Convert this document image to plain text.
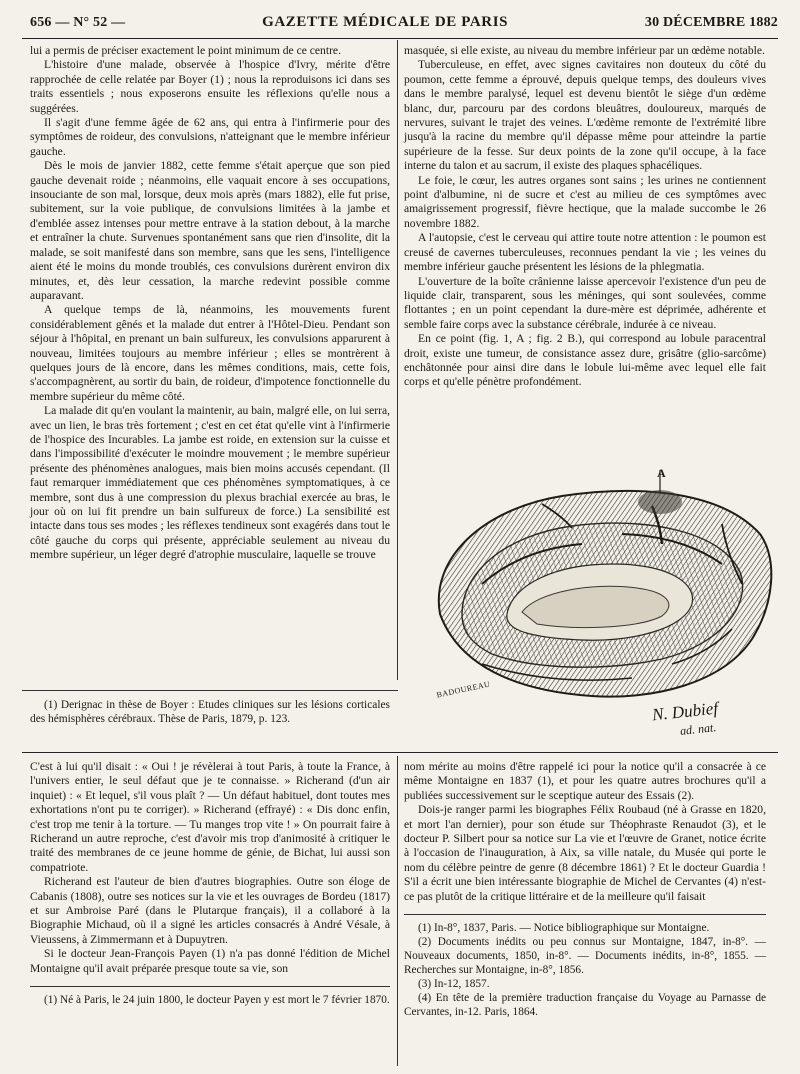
656 — N° 52 —	GAZETTE MÉDICALE DE PARIS	30 DÉCEMBRE 1882

lui a permis de préciser exactement le point minimum de ce centre.

L'histoire d'une malade, observée à l'hospice d'Ivry, mérite d'être rapprochée de celle relatée par Boyer (1) ; nous la reproduisons ici dans ses traits essentiels ; nous exposerons ensuite les réflexions qu'elle nous a suggérées.

Il s'agit d'une femme âgée de 62 ans, qui entra à l'infirmerie pour des symptômes de roideur, des convulsions, n'atteignant que le membre inférieur gauche.

Dès le mois de janvier 1882, cette femme s'était aperçue que son pied gauche devenait roide ; néanmoins, elle vaquait encore à ses occupations, insouciante de son mal, lorsque, deux mois après (mars 1882), elle fut prise, subitement, sur la voie publique, de convulsions limitées à la jambe et d'emblée assez intenses pour mettre entrave à la station debout, à la marche et entraîner la chute. Survenues spontanément sans que rien d'insolite, dit la malade, se soit manifesté dans son membre, sans que les sens, l'intelligence aient été le moins du monde troublés, ces convulsions durèrent environ dix minutes, et, dès leur cessation, la marche redevint possible comme auparavant.

A quelque temps de là, néanmoins, les mouvements furent considérablement gênés et la malade dut entrer à l'Hôtel-Dieu. Pendant son séjour à l'hôpital, en prenant un bain sulfureux, les convulsions apparurent à nouveau, limitées toujours au membre inférieur ; elles se montrèrent à quelques jours de là encore, dans les mêmes conditions, mais, cette fois, s'accompagnèrent, au sortir du bain, de roideur, d'impotence fonctionnelle du membre supérieur du même côté.

La malade dit qu'en voulant la maintenir, au bain, malgré elle, on lui serra, avec un lien, le bras très fortement ; c'est en cet état qu'elle vint à l'infirmerie de l'hospice des Incurables. La jambe est roide, en extension sur la cuisse et dans l'impossibilité d'exécuter le moindre mouvement ; le membre supérieur présente des phénomènes analogues, mais bien moins accusés cependant. (Il faut remarquer immédiatement que ces phénomènes symptomatiques, à ce membre, sont dus à une compression du plexus brachial exercée au bras, le jour où on lui fit prendre un bain sulfureux de force.) La sensibilité est intacte dans tous ses modes ; les réflexes tendineux sont exagérés dans tout le côté gauche du corps qui présente, appréciable seulement au niveau du membre supérieur, un léger degré d'atrophie musculaire, laquelle se trouve

(1) Derignac in thèse de Boyer : Etudes cliniques sur les lésions corticales des hémisphères cérébraux. Thèse de Paris, 1879, p. 123.

masquée, si elle existe, au niveau du membre inférieur par un œdème notable.

Tuberculeuse, en effet, avec signes cavitaires non douteux du côté du poumon, cette femme a éprouvé, depuis quelque temps, des douleurs vives dans le membre paralysé, lequel est devenu bientôt le siège d'un œdème blanc, dur, parcouru par des cordons bleuâtres, douloureux, marqués de nervures, suivant le trajet des veines. L'œdème remonte de l'extrémité libre jusqu'à la racine du membre qu'il dépasse même pour atteindre la partie supérieure de la fesse. Sur deux points de la zone qu'il occupe, à la face interne du talon et au sacrum, il existe des plaques sphacéliques.

Le foie, le cœur, les autres organes sont sains ; les urines ne contiennent point d'albumine, ni de sucre et c'est au milieu de ces symptômes avec amaigrissement progressif, fièvre hectique, que la malade succombe le 26 novembre 1882.

A l'autopsie, c'est le cerveau qui attire toute notre attention : le poumon est creusé de cavernes tuberculeuses, reconnues pendant la vie ; les veines du membre inférieur gauche présentent les lésions de la phlegmatia.

L'ouverture de la boîte crânienne laisse apercevoir l'existence d'un peu de liquide clair, transparent, sous les méninges, qui sont soulevées, comme flottantes ; en un point cependant la dure-mère est déprimée, adhérente et semble faire corps avec la substance cérébrale, indurée à ce niveau.

En ce point (fig. 1, A ; fig. 2 B.), qui correspond au lobule paracentral droit, existe une tumeur, de consistance assez dure, grisâtre (glio-sarcôme) enchâtonnée pour ainsi dire dans le lobule lui-même avec lequel elle fait corps et qu'elle pénètre profondément.

A
BADOUREAU
N. Dubief
ad. nat.

C'est à lui qu'il disait : « Oui ! je révèlerai à tout Paris, à toute la France, à l'univers entier, le seul défaut que je te connaisse. » Richerand (d'un air inquiet) : « Et lequel, s'il vous plaît ? — Un défaut habituel, dont toutes mes exhortations n'ont pu te corriger). » Richerand (effrayé) : « Dis donc enfin, c'est trop me tenir à la torture. — Tu manges trop vite ! » On pourrait faire à Richerand un autre reproche, c'est d'avoir mis trop d'animosité à critiquer le traité des membranes de ce jeune homme de génie, de Bichat, lui aussi son compatriote.

Richerand est l'auteur de bien d'autres biographies. Outre son éloge de Cabanis (1808), outre ses notices sur la vie et les ouvrages de Bordeu (1817) et sur Ambroise Paré (dans le Plutarque français), il a collaboré à la Biographie Michaud, où il a signé les articles consacrés à André Vésale, à Vieussens, à Zimmermann et à Dupuytren.

Si le docteur Jean-François Payen (1) n'a pas donné l'édition de Michel Montaigne qu'il avait préparée presque toute sa vie, son

(1) Né à Paris, le 24 juin 1800, le docteur Payen y est mort le 7 février 1870.

nom mérite au moins d'être rappelé ici pour la notice qu'il a consacrée à ce même Montaigne en 1837 (1), et pour les quatre autres brochures qu'il a publiées successivement sur le sceptique auteur des Essais (2).

Dois-je ranger parmi les biographes Félix Roubaud (né à Grasse en 1820, et mort l'an dernier), pour son étude sur Théophraste Renaudot (3), et le docteur P. Silbert pour sa notice sur La vie et l'œuvre de Granet, notice écrite à l'occasion de l'inauguration, à Aix, sa ville natale, du Musée qui porte le nom du célèbre peintre de genre (8 décembre 1861) ? Et le docteur Guardia ! S'il a écrit une bien intéressante biographie de Michel de Cervantes (4) n'est-ce pas plutôt de la critique littéraire et de la meilleure qu'il faisait

(1) In-8°, 1837, Paris. — Notice bibliographique sur Montaigne.

(2) Documents inédits ou peu connus sur Montaigne, 1847, in-8°. — Nouveaux documents, 1850, in-8°. — Documents inédits, in-8°, 1855. — Recherches sur Montaigne, in-8°, 1856.

(3) In-12, 1857.

(4) En tête de la première traduction française du Voyage au Parnasse de Cervantes, in-12. Paris, 1864.
